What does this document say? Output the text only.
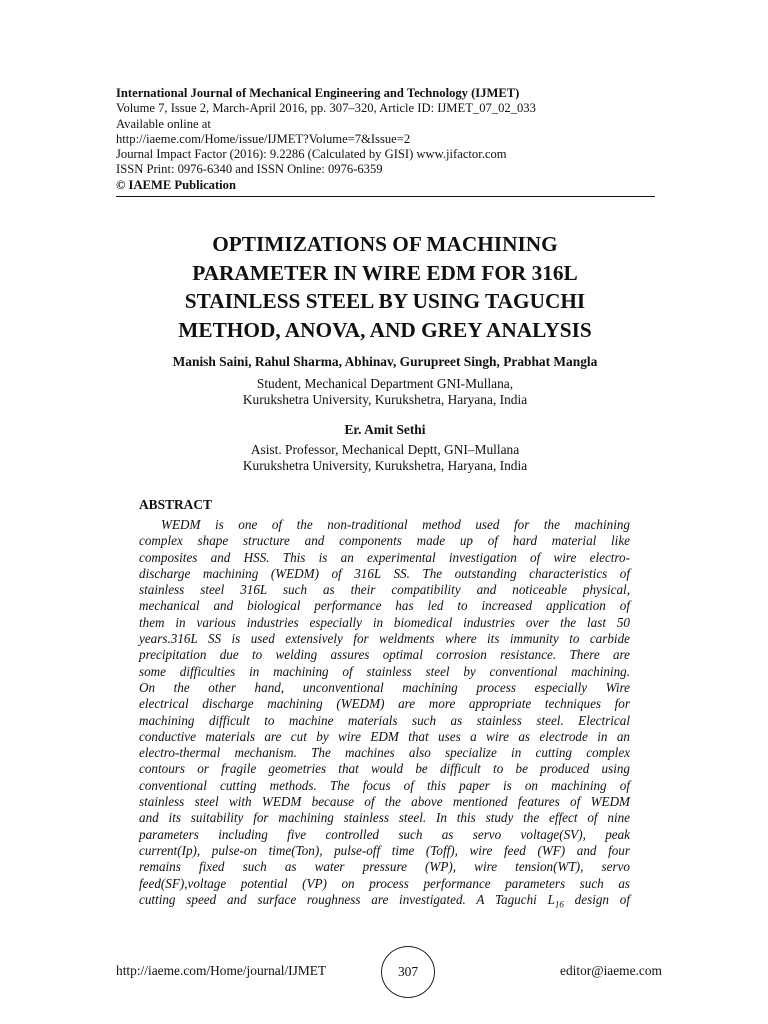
International Journal of Mechanical Engineering and Technology (IJMET)
Volume 7, Issue 2, March-April 2016, pp. 307–320, Article ID: IJMET_07_02_033
Available online at
http://iaeme.com/Home/issue/IJMET?Volume=7&Issue=2
Journal Impact Factor (2016): 9.2286 (Calculated by GISI) www.jifactor.com
ISSN Print: 0976-6340 and ISSN Online: 0976-6359
© IAEME Publication
OPTIMIZATIONS OF MACHINING
PARAMETER IN WIRE EDM FOR 316L
STAINLESS STEEL BY USING TAGUCHI
METHOD, ANOVA, AND GREY ANALYSIS
Manish Saini, Rahul Sharma, Abhinav, Gurupreet Singh, Prabhat Mangla
Student, Mechanical Department GNI-Mullana,
Kurukshetra University, Kurukshetra, Haryana, India
Er. Amit Sethi
Asist. Professor, Mechanical Deptt, GNI–Mullana
Kurukshetra University, Kurukshetra, Haryana, India
ABSTRACT
WEDM is one of the non-traditional method used for the machining
complex shape structure and components made up of hard material like
composites and HSS. This is an experimental investigation of wire electro-
discharge machining (WEDM) of 316L SS. The outstanding characteristics of
stainless steel 316L such as their compatibility and noticeable physical,
mechanical and biological performance has led to increased application of
them in various industries especially in biomedical industries over the last 50
years.316L SS is used extensively for weldments where its immunity to carbide
precipitation due to welding assures optimal corrosion resistance. There are
some difficulties in machining of stainless steel by conventional machining.
On the other hand, unconventional machining process especially Wire
electrical discharge machining (WEDM) are more appropriate techniques for
machining difficult to machine materials such as stainless steel. Electrical
conductive materials are cut by wire EDM that uses a wire as electrode in an
electro-thermal mechanism. The machines also specialize in cutting complex
contours or fragile geometries that would be difficult to be produced using
conventional cutting methods. The focus of this paper is on machining of
stainless steel with WEDM because of the above mentioned features of WEDM
and its suitability for machining stainless steel. In this study the effect of nine
parameters including five controlled such as servo voltage(SV), peak
current(Ip), pulse-on time(Ton), pulse-off time (Toff), wire feed (WF) and four
remains fixed such as water pressure (WP), wire tension(WT), servo
feed(SF),voltage potential (VP) on process performance parameters such as
cutting speed and surface roughness are investigated. A Taguchi $L_{16}$ design of
http://iaeme.com/Home/journal/IJMET	307	editor@iaeme.com
